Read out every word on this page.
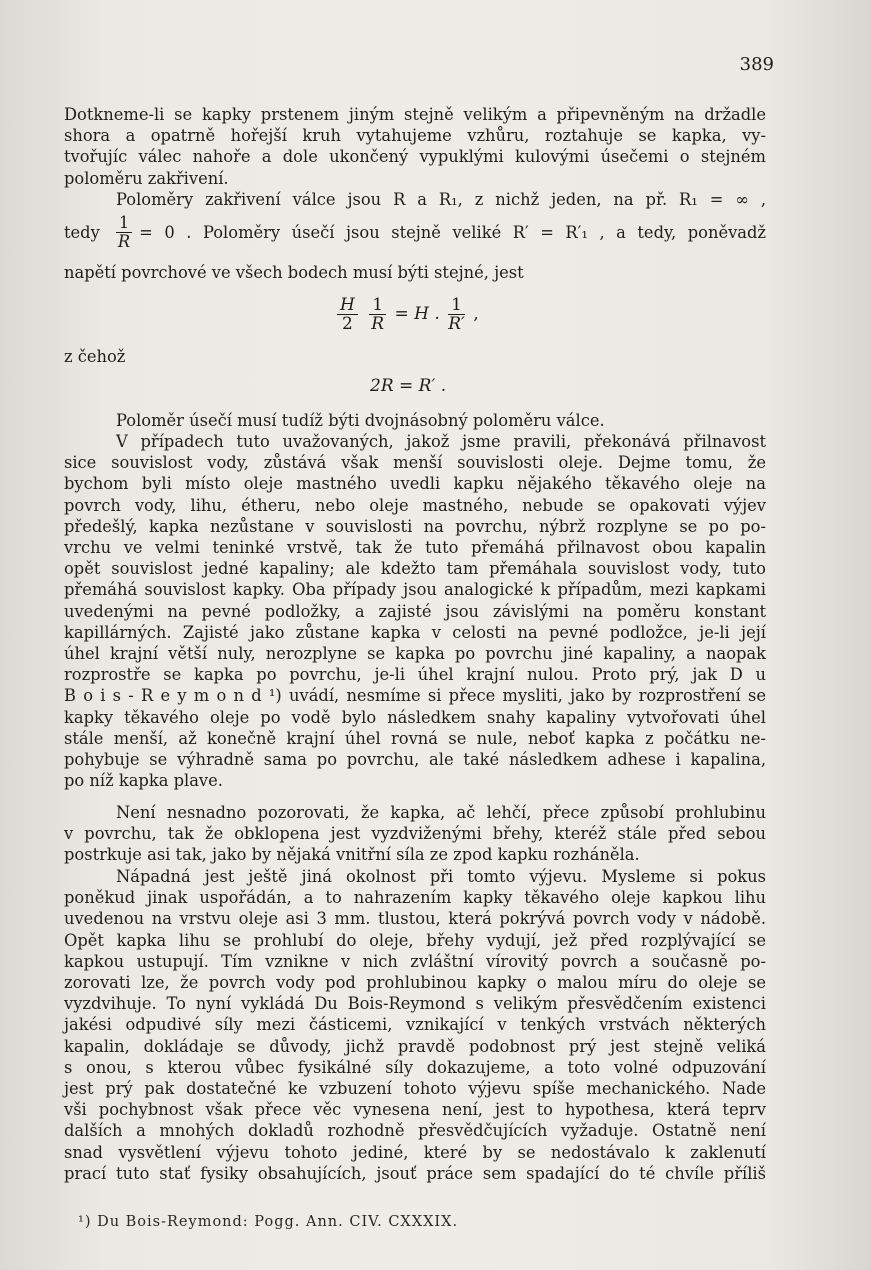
389
Dotkneme-li se kapky prstenem jiným stejně velikým a připevněným na držadle
shora a opatrně hořejší kruh vytahujeme vzhůru, roztahuje se kapka, vy-
tvořujíc válec nahoře a dole ukončený vypuklými kulovými úsečemi o stejném
poloměru zakřivení.
Poloměry zakřivení válce jsou R a R₁, z nichž jeden, na př. R₁ = ∞ ,
tedy $\frac{1}{R} = 0$ . Poloměry úsečí jsou stejně veliké R′ = R′₁ , a tedy, poněvadž
napětí povrchové ve všech bodech musí býti stejné, jest
$\frac{H}{2}$
$\frac{1}{R} = H$ . $\frac{1}{R'}$ ,
z čehož
2R = R′ .
Poloměr úsečí musí tudíž býti dvojnásobný poloměru válce.
V případech tuto uvažovaných, jakož jsme pravili, překonává přilnavost
sice souvislost vody, zůstává však menší souvislosti oleje. Dejme tomu, že
bychom byli místo oleje mastného uvedli kapku nějakého těkavého oleje na
povrch vody, lihu, étheru, nebo oleje mastného, nebude se opakovati výjev
předešlý, kapka nezůstane v souvislosti na povrchu, nýbrž rozplyne se po po-
vrchu ve velmi teninké vrstvě, tak že tuto přemáhá přilnavost obou kapalin
opět souvislost jedné kapaliny; ale kdežto tam přemáhala souvislost vody, tuto
přemáhá souvislost kapky. Oba případy jsou analogické k případům, mezi kapkami
uvedenými na pevné podložky, a zajisté jsou závislými na poměru konstant
kapillárných. Zajisté jako zůstane kapka v celosti na pevné podložce, je-li její
úhel krajní větší nuly, nerozplyne se kapka po povrchu jiné kapaliny, a naopak
rozprostře se kapka po povrchu, je-li úhel krajní nulou. Proto prý, jak D u
B o i s - R e y m o n d ¹) uvádí, nesmíme si přece mysliti, jako by rozprostření se
kapky těkavého oleje po vodě bylo následkem snahy kapaliny vytvořovati úhel
stále menší, až konečně krajní úhel rovná se nule, neboť kapka z počátku ne-
pohybuje se výhradně sama po povrchu, ale také následkem adhese i kapalina,
po níž kapka plave.
Není nesnadno pozorovati, že kapka, ač lehčí, přece způsobí prohlubinu
v povrchu, tak že obklopena jest vyzdviženými břehy, kteréž stále před sebou
postrkuje asi tak, jako by nějaká vnitřní síla ze zpod kapku rozháněla.
Nápadná jest ještě jiná okolnost při tomto výjevu. Mysleme si pokus
poněkud jinak uspořádán, a to nahrazením kapky těkavého oleje kapkou lihu
uvedenou na vrstvu oleje asi 3 mm. tlustou, která pokrývá povrch vody v nádobě.
Opět kapka lihu se prohlubí do oleje, břehy vydují, jež před rozplývající se
kapkou ustupují. Tím vznikne v nich zvláštní vírovitý povrch a současně po-
zorovati lze, že povrch vody pod prohlubinou kapky o malou míru do oleje se
vyzdvihuje. To nyní vykládá Du Bois-Reymond s velikým přesvědčením existenci
jakési odpudivé síly mezi částicemi, vznikající v tenkých vrstvách některých
kapalin, dokládaje se důvody, jichž pravdě podobnost prý jest stejně veliká
s onou, s kterou vůbec fysikálné síly dokazujeme, a toto volné odpuzování
jest prý pak dostatečné ke vzbuzení tohoto výjevu spíše mechanického. Nade
vši pochybnost však přece věc vynesena není, jest to hypothesa, která teprv
dalších a mnohých dokladů rozhodně přesvědčujících vyžaduje. Ostatně není
snad vysvětlení výjevu tohoto jediné, které by se nedostávalo k zaklenutí
prací tuto stať fysiky obsahujících, jsouť práce sem spadající do té chvíle příliš
¹) Du Bois-Reymond: Pogg. Ann. CIV. CXXXIX.
